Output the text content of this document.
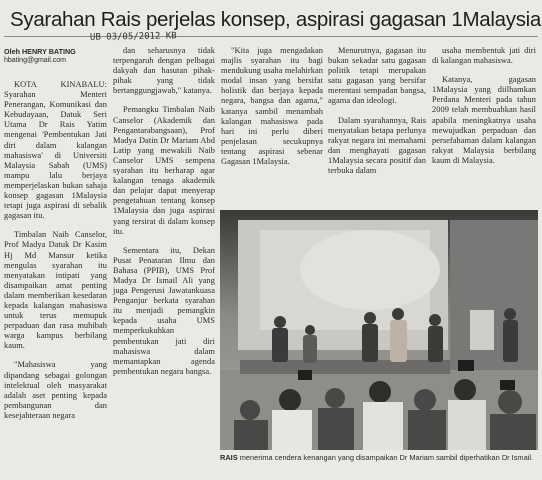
Syarahan Rais perjelas konsep, aspirasi gagasan 1Malaysia
UB 03/05/2012 KB
Oleh HENRY BATING
hbating@gmail.com

KOTA KINABALU: Syarahan Menteri Penerangan, Komunikasi dan Kebudayaan, Datuk Seri Utama Dr Rais Yatim mengenai 'Pembentukan Jati diri dalam kalangan mahasiswa' di Universiti Malaysia Sabah (UMS) mampu lalu berjaya memperjelaskan bukan sahaja konsep gagasan 1Malaysia tetapi juga aspirasi di sebalik gagasan itu.

Timbalan Naib Canselor, Prof Madya Datuk Dr Kasim Hj Md Mansur ketika mengulas syarahan itu menyatakan intipati yang disampaikan amat penting dalam memberikan kesedaran kepada kalangan mahasiswa untuk terus memupuk perpaduan dan rasa muhibah warga kampus berbilang kaum.

"Mahasiswa yang dipandang sebagai golongan intelektual oleh masyarakat adalah aset penting kepada pembangunan dan kesejahteraan negara

dan seharusnya tidak terpengaruh dengan pelbagai dakyah dan hasutan pihak-pihak yang tidak bertanggungjawab," katanya.

Pemangku Timbalan Naib Canselor (Akademik dan Pengantarabangsaan), Prof Madya Datin Dr Mariam Abd Latip yang mewakili Naib Canselor UMS sempena syarahan itu berharap agar kalangan tenaga akademik dan pelajar dapat menyerap pengetahuan tentang konsep 1Malaysia dan juga aspirasi yang tersirat di dalam konsep itu.

Sementara itu, Dekan Pusat Penataran Ilmu dan Bahasa (PPIB), UMS Prof Madya Dr Ismail Ali yang juga Pengerusi Jawatankuasa Penganjur berkata syarahan itu menjadi pemangkin kepada usaha UMS memperkukuhkan pembentukan jati diri mahasiswa dalam memantapkan agenda pembentukan negara bangsa.

"Kita juga mengadakan majlis syarahan itu bagi mendukung usaha melahirkan modal insan yang bersifat holistik dan berjaya kepada negara, bangsa dan agama," katanya sambil menambah kalangan mahasiswa pada hari ini perlu diberi penjelasan secukupnya tentang aspirasi sebenar Gagasan 1Malaysia.

Menurutnya, gagasan itu bukan sekadar satu gagasan politik tetapi merupakan satu gagasan yang bersifar merentasi sempadan bangsa, agama dan ideologi.

Dalam syarahannya, Rais menyatakan betapa perlunya rakyat negara ini memahami dan menghayati gagasan 1Malaysia secara positif dan terbuka dalam

usaha membentuk jati diri di kalangan mahasiswa.

Katanya, gagasan 1Malaysia yang diilhamkan Perdana Menteri pada tahun 2009 telah membuahkan hasil apabila meningkatnya usaha mewujudkan perpaduan dan persefahaman dalam kalangan rakyat Malaysia berbilang kaum di Malaysia.

RAIS menerima cendera kenangan yang disampaikan Dr Mariam sambil diperhatikan Dr Ismail.
